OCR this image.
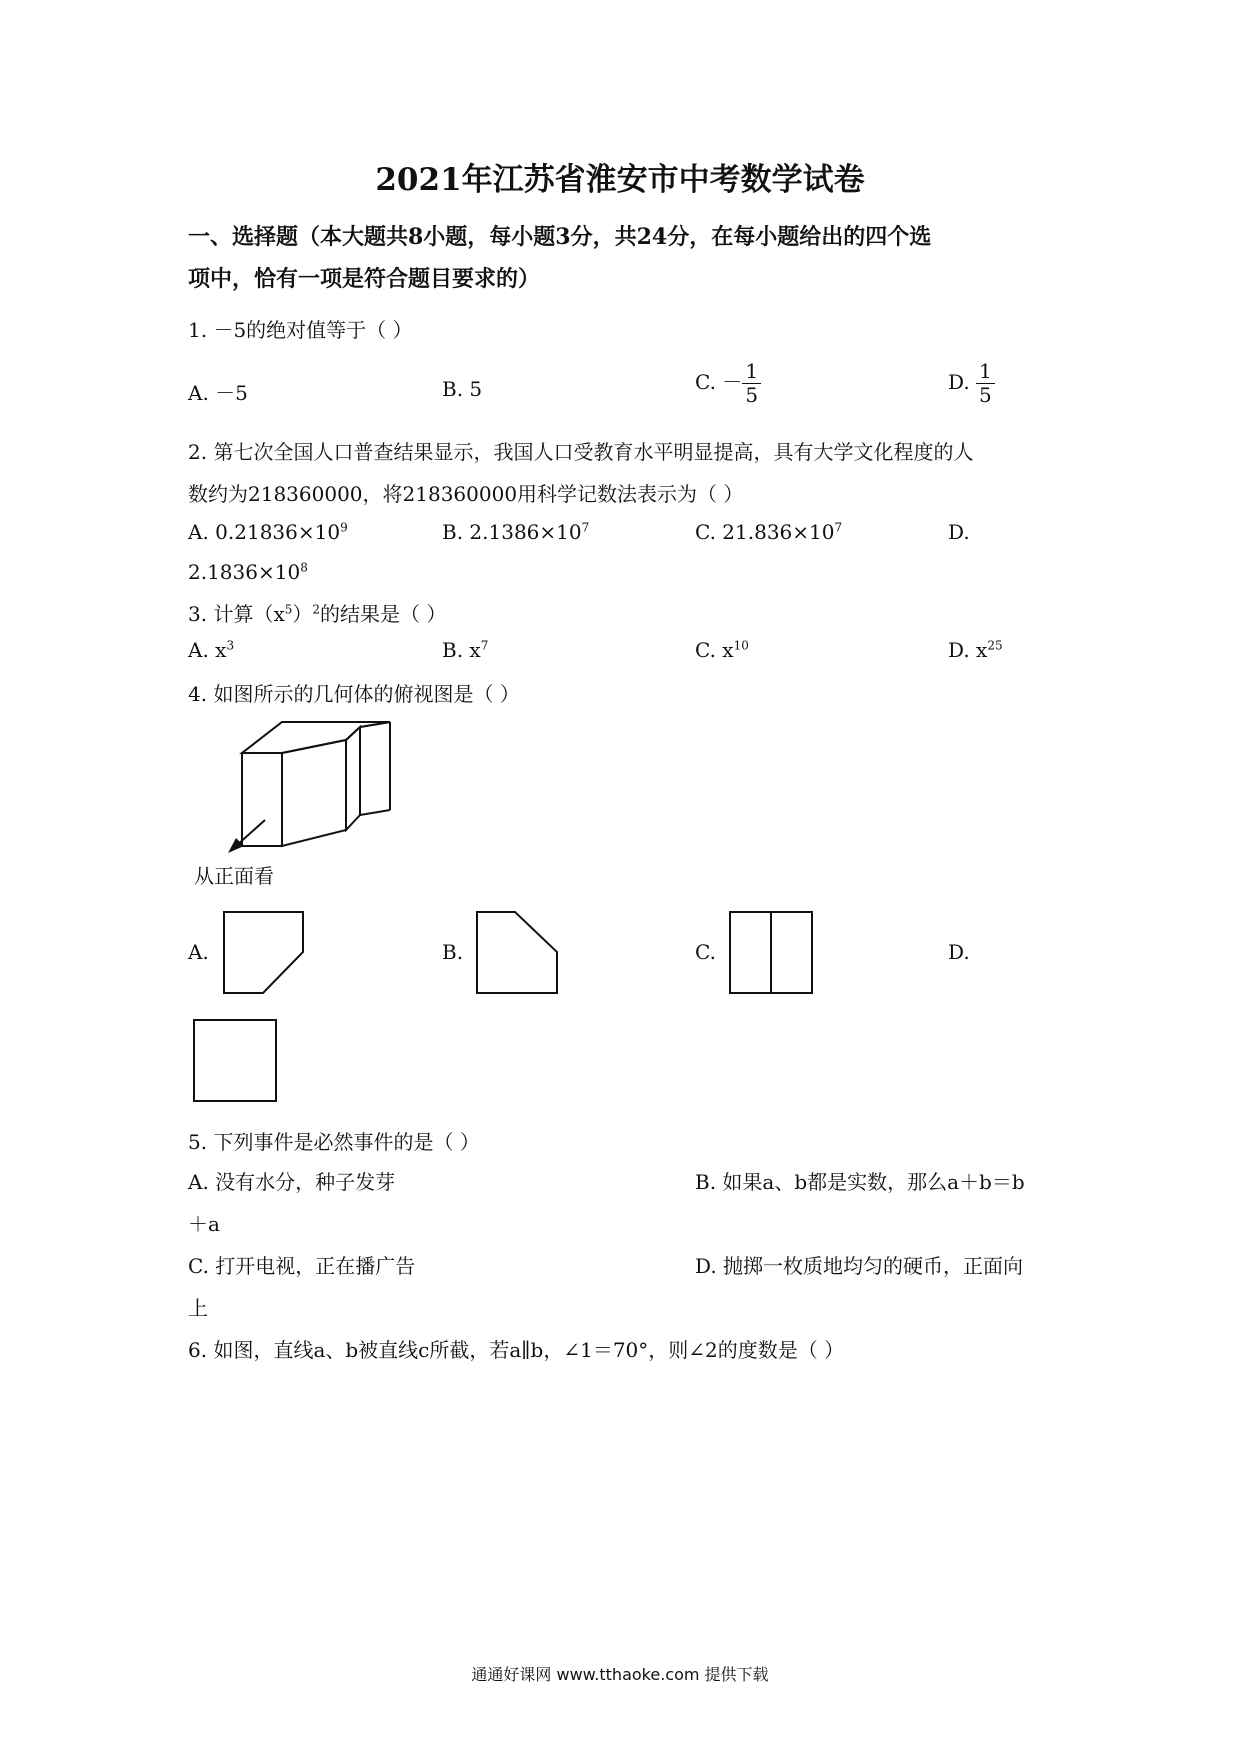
2021年江苏省淮安市中考数学试卷
一、选择题（本大题共8小题，每小题3分，共24分，在每小题给出的四个选
项中，恰有一项是符合题目要求的）
1. －5的绝对值等于（ ）
A. －5	B. 5	C. － $\frac{1}{5}$	D. $\frac{1}{5}$
2. 第七次全国人口普查结果显示，我国人口受教育水平明显提高，具有大学文化程度的人
数约为218360000，将218360000用科学记数法表示为（ ）
A. $0.21836\times 10^9$	B. $2.1386\times 10^7$	C. $21.836\times 10^7$	D.
$2.1836\times 10^8$
3. 计算$(x^5)^2$的结果是（ ）
A. $x^3$	B. $x^7$	C. $x^{10}$	D. $x^{25}$
4. 如图所示的几何体的俯视图是（ ）
从正面看
A.	B.	C.	D.
5. 下列事件是必然事件的是（ ）
A. 没有水分，种子发芽	B. 如果a、b都是实数，那么a＋b＝b
＋a
C. 打开电视，正在播广告	D. 抛掷一枚质地均匀的硬币，正面向
上
6. 如图，直线a、b被直线c所截，若a∥b，∠1＝70°，则∠2的度数是（ ）
通通好课网 www.tthaoke.com 提供下载
